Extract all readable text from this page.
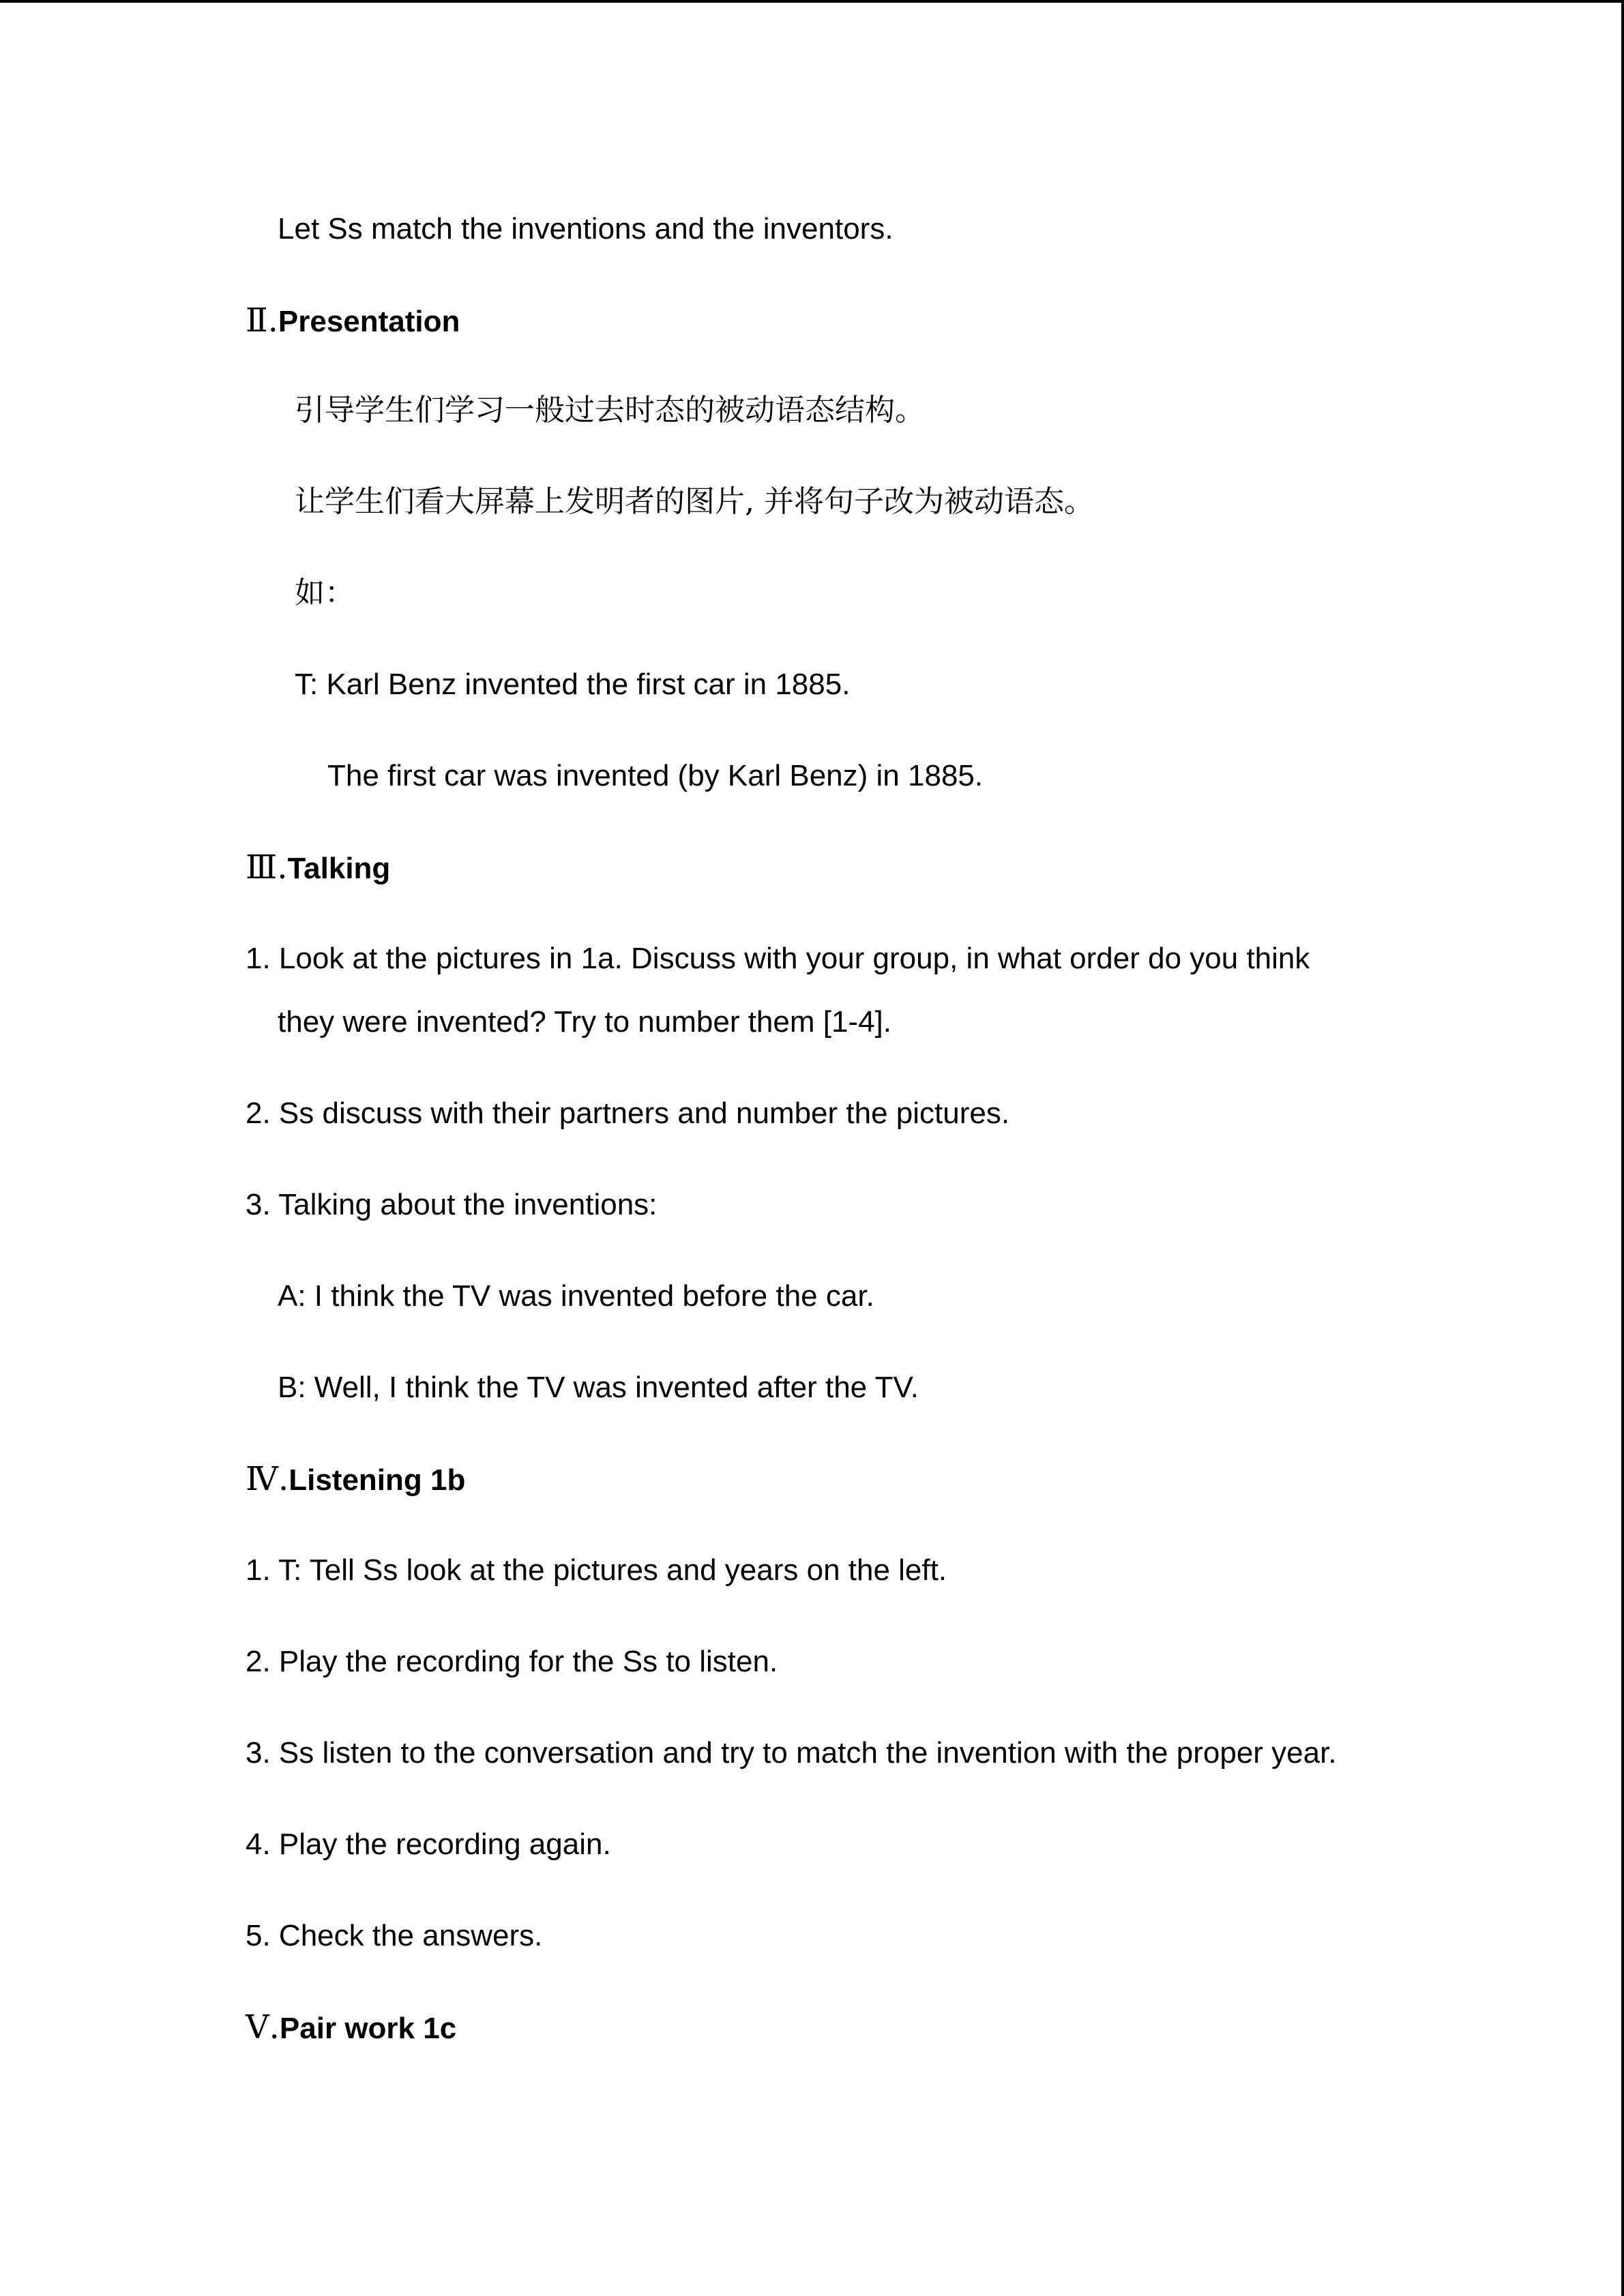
Let Ss match the inventions and the inventors.
Ⅱ.Presentation
引导学生们学习一般过去时态的被动语态结构。
让学生们看大屏幕上发明者的图片, 并将句子改为被动语态。
如：
T: Karl Benz invented the first car in 1885.
The first car was invented (by Karl Benz) in 1885.
Ⅲ.Talking
1. Look at the pictures in 1a. Discuss with your group, in what order do you think
they were invented? Try to number them [1-4].
2. Ss discuss with their partners and number the pictures.
3. Talking about the inventions:
A: I think the TV was invented before the car.
B: Well, I think the TV was invented after the TV.
Ⅳ.Listening 1b
1. T: Tell Ss look at the pictures and years on the left.
2. Play the recording for the Ss to listen.
3. Ss listen to the conversation and try to match the invention with the proper year.
4. Play the recording again.
5. Check the answers.
Ⅴ.Pair work 1c
